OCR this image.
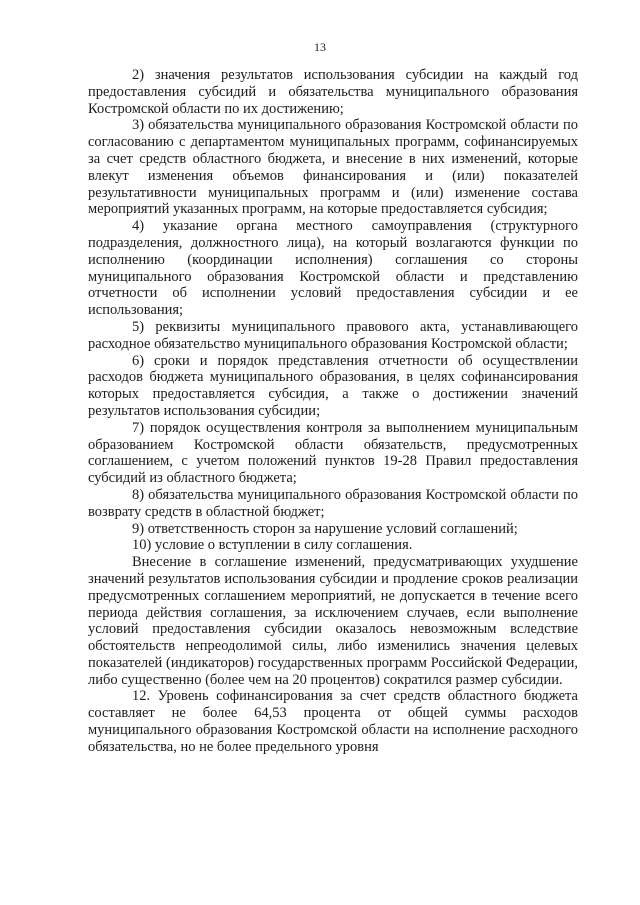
13

2) значения результатов использования субсидии на каждый год предоставления субсидий и обязательства муниципального образования Костромской области по их достижению;

3) обязательства муниципального образования Костромской области по согласованию с департаментом муниципальных программ, софинансируемых за счет средств областного бюджета, и внесение в них изменений, которые влекут изменения объемов финансирования и (или) показателей результативности муниципальных программ и (или) изменение состава мероприятий указанных программ, на которые предоставляется субсидия;

4) указание органа местного самоуправления (структурного подразделения, должностного лица), на который возлагаются функции по исполнению (координации исполнения) соглашения со стороны муниципального образования Костромской области и представлению отчетности об исполнении условий предоставления субсидии и ее использования;

5) реквизиты муниципального правового акта, устанавливающего расходное обязательство муниципального образования Костромской области;

6) сроки и порядок представления отчетности об осуществлении расходов бюджета муниципального образования, в целях софинансирования которых предоставляется субсидия, а также о достижении значений результатов использования субсидии;

7) порядок осуществления контроля за выполнением муниципальным образованием Костромской области обязательств, предусмотренных соглашением, с учетом положений пунктов 19-28 Правил предоставления субсидий из областного бюджета;

8) обязательства муниципального образования Костромской области по возврату средств в областной бюджет;

9) ответственность сторон за нарушение условий соглашений;

10) условие о вступлении в силу соглашения.

Внесение в соглашение изменений, предусматривающих ухудшение значений результатов использования субсидии и продление сроков реализации предусмотренных соглашением мероприятий, не допускается в течение всего периода действия соглашения, за исключением случаев, если выполнение условий предоставления субсидии оказалось невозможным вследствие обстоятельств непреодолимой силы, либо изменились значения целевых показателей (индикаторов) государственных программ Российской Федерации, либо существенно (более чем на 20 процентов) сократился размер субсидии.

12. Уровень софинансирования за счет средств областного бюджета составляет не более 64,53 процента от общей суммы расходов муниципального образования Костромской области на исполнение расходного обязательства, но не более предельного уровня
